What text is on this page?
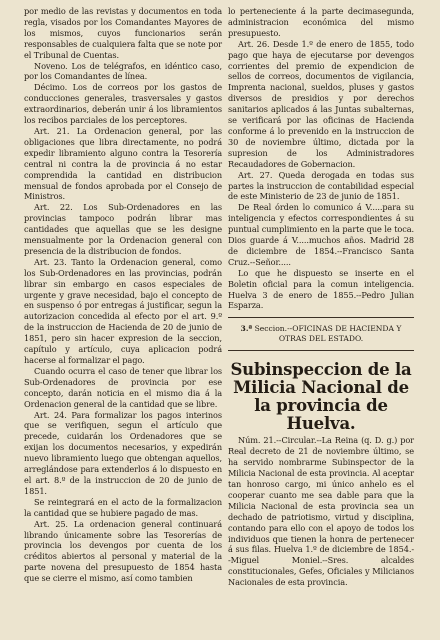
por medio de las revistas y documentos en toda regla, visados por los Comandantes Mayores de los mismos, cuyos funcionarios serán responsables de cualquiera falta que se note por el Tribunal de Cuentas.

Noveno. Los de telégrafos, en idéntico caso, por los Comandantes de línea.

Décimo. Los de correos por los gastos de conducciones generales, trasversales y gastos extraordinarios, deberán unir á los libramientos los recibos parciales de los perceptores.

Art. 21. La Ordenacion general, por las obligaciones que libra directamente, no podrá expedir libramiento alguno contra la Tesorería central ni contra la de provincia á no estar comprendida la cantidad en distribucion mensual de fondos aprobada por el Consejo de Ministros.

Art. 22. Los Sub-Ordenadores en las provincias tampoco podrán librar mas cantidades que aquellas que se les designe mensualmente por la Ordenacion general con presencia de la distribucion de fondos.

Art. 23. Tanto la Ordenacion general, como los Sub-Ordenadores en las provincias, podrán librar sin embargo en casos especiales de urgente y grave necesidad, bajo el concepto de en suspenso ó por entregas á justificar, segun la autorizacion concedida al efecto por el art. 9.º de la instruccion de Hacienda de 20 de junio de 1851, pero sin hacer expresion de la seccion, capítulo y artículo, cuya aplicacion podrá hacerse al formalizar el pago.

Cuando ocurra el caso de tener que librar los Sub-Ordenadores de provincia por ese concepto, darán noticia en el mismo dia á la Ordenacion general de la cantidad que se libre.

Art. 24. Para formalizar los pagos interinos que se verifiquen, segun el artículo que precede, cuidarán los Ordenadores que se exijan los documentos necesarios, y expedirán nuevo libramiento luego que obtengan aquellos, arreglándose para extenderlos á lo dispuesto en el art. 8.º de la instruccion de 20 de junio de 1851.

Se reintegrará en el acto de la formalizacion la cantidad que se hubiere pagado de mas.

Art. 25. La ordenacion general continuará librando únicamente sobre las Tesorerías de provincia los devengos por cuenta de los créditos abiertos al personal y material de la parte novena del presupuesto de 1854 hasta que se cierre el mismo, así como tambien

lo perteneciente á la parte decimasegunda, administracion económica del mismo presupuesto.

Art. 26. Desde 1.º de enero de 1855, todo pago que haya de ejecutarse por devengos corrientes del premio de expendicion de sellos de correos, documentos de vigilancia, Imprenta nacional, sueldos, pluses y gastos diversos de presidios y por derechos sanitarios aplicados á las Juntas subalternas, se verificará por las oficinas de Hacienda conforme á lo prevenido en la instruccion de 30 de noviembre último, dictada por la supresion de los Administradores Recaudadores de Gobernacion.

Art. 27. Queda derogada en todas sus partes la instruccion de contabilidad especial de este Ministerio de 23 de junio de 1851.

De Real órden lo comunico á V.....para su inteligencia y efectos correspondientes á su puntual cumplimiento en la parte que le toca. Dios guarde á V.....muchos años. Madrid 28 de diciembre de 1854.--Francisco Santa Cruz.--Señor.....

Lo que he dispuesto se inserte en el Boletin oficial para la comun inteligencia. Huelva 3 de enero de 1855.--Pedro Julian Esparza.

3.ª Seccion.--OFICINAS DE HACIENDA Y OTRAS DEL ESTADO.
Subinspeccion de la Milicia Nacional de la provincia de Huelva.

Núm. 21.--Circular.--La Reina (q. D. g.) por Real decreto de 21 de noviembre último, se ha servido nombrarme Subinspector de la Milicia Nacional de esta provincia. Al aceptar tan honroso cargo, mi único anhelo es el cooperar cuanto me sea dable para que la Milicia Nacional de esta provincia sea un dechado de patriotismo, virtud y disciplina, contando para ello con el apoyo de todos los individuos que tienen la honra de pertenecer á sus filas. Huelva 1.º de diciembre de 1854.--Miguel Moniel.--Sres. alcaldes constitucionales, Gefes, Oficiales y Milicianos Nacionales de esta provincia.
